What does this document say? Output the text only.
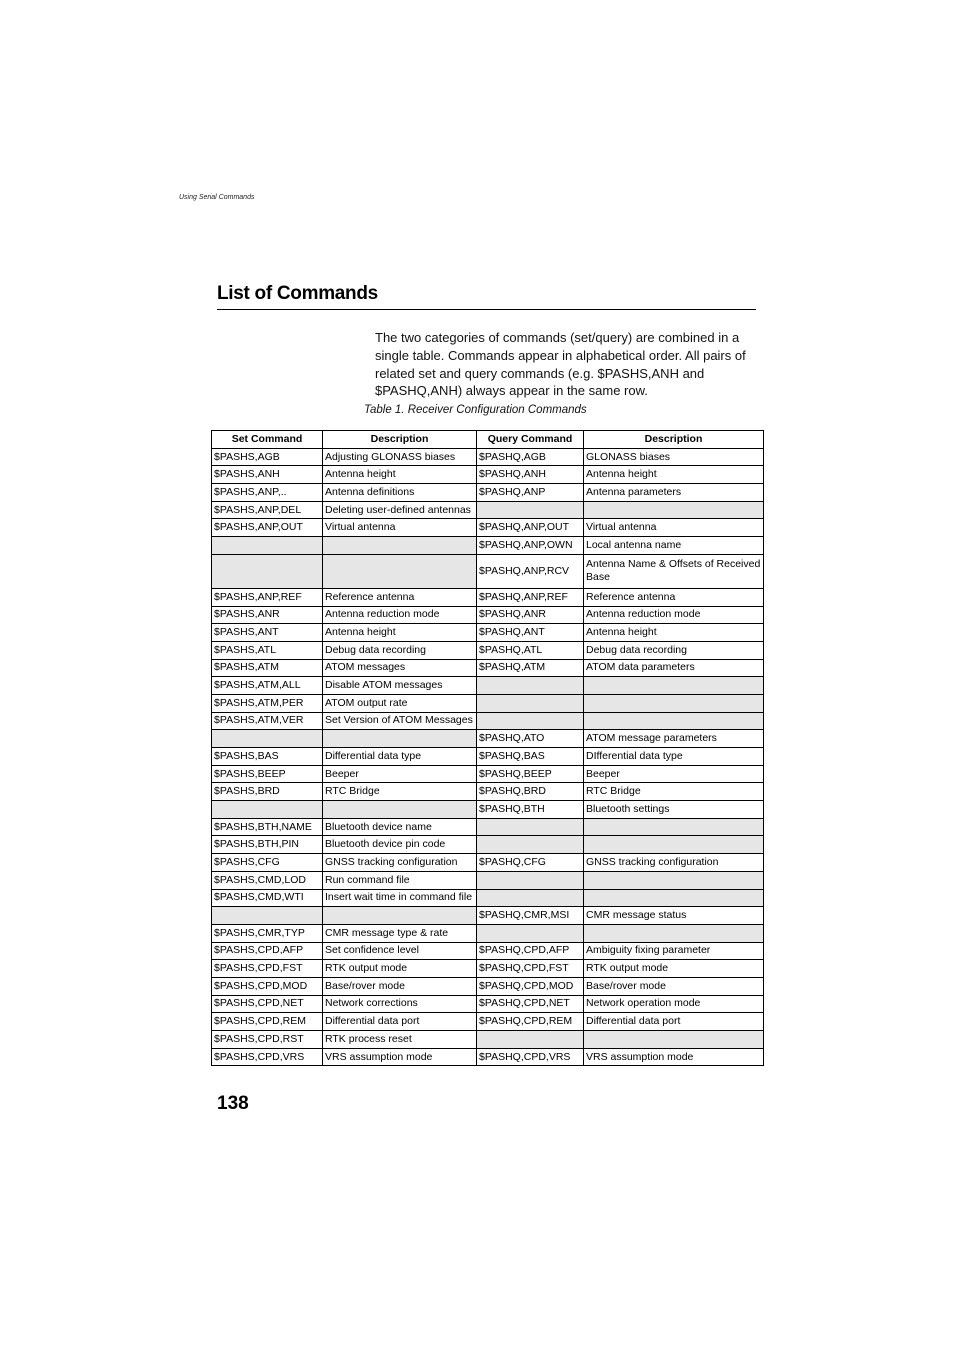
Using Serial Commands
List of Commands
The two categories of commands (set/query) are combined in a single table. Commands appear in alphabetical order. All pairs of related set and query commands (e.g. $PASHS,ANH and $PASHQ,ANH) always appear in the same row.
Table 1. Receiver Configuration Commands
Set Command	Description	Query Command	Description
$PASHS,AGB	Adjusting GLONASS biases	$PASHQ,AGB	GLONASS biases
$PASHS,ANH	Antenna height	$PASHQ,ANH	Antenna height
$PASHS,ANP,..	Antenna definitions	$PASHQ,ANP	Antenna parameters
$PASHS,ANP,DEL	Deleting user-defined antennas		
$PASHS,ANP,OUT	Virtual antenna	$PASHQ,ANP,OUT	Virtual antenna
		$PASHQ,ANP,OWN	Local antenna name
		$PASHQ,ANP,RCV	Antenna Name & Offsets of Received Base
$PASHS,ANP,REF	Reference antenna	$PASHQ,ANP,REF	Reference antenna
$PASHS,ANR	Antenna reduction mode	$PASHQ,ANR	Antenna reduction mode
$PASHS,ANT	Antenna height	$PASHQ,ANT	Antenna height
$PASHS,ATL	Debug data recording	$PASHQ,ATL	Debug data recording
$PASHS,ATM	ATOM messages	$PASHQ,ATM	ATOM data parameters
$PASHS,ATM,ALL	Disable ATOM messages		
$PASHS,ATM,PER	ATOM output rate		
$PASHS,ATM,VER	Set Version of ATOM Messages		
		$PASHQ,ATO	ATOM message parameters
$PASHS,BAS	Differential data type	$PASHQ,BAS	DIfferential data type
$PASHS,BEEP	Beeper	$PASHQ,BEEP	Beeper
$PASHS,BRD	RTC Bridge	$PASHQ,BRD	RTC Bridge
		$PASHQ,BTH	Bluetooth settings
$PASHS,BTH,NAME	Bluetooth device name		
$PASHS,BTH,PIN	Bluetooth device pin code		
$PASHS,CFG	GNSS tracking configuration	$PASHQ,CFG	GNSS tracking configuration
$PASHS,CMD,LOD	Run command file		
$PASHS,CMD,WTI	Insert wait time in command file		
		$PASHQ,CMR,MSI	CMR message status
$PASHS,CMR,TYP	CMR message type & rate		
$PASHS,CPD,AFP	Set confidence level	$PASHQ,CPD,AFP	Ambiguity fixing parameter
$PASHS,CPD,FST	RTK output mode	$PASHQ,CPD,FST	RTK output mode
$PASHS,CPD,MOD	Base/rover mode	$PASHQ,CPD,MOD	Base/rover mode
$PASHS,CPD,NET	Network corrections	$PASHQ,CPD,NET	Network operation mode
$PASHS,CPD,REM	Differential data port	$PASHQ,CPD,REM	Differential data port
$PASHS,CPD,RST	RTK process reset		
$PASHS,CPD,VRS	VRS assumption mode	$PASHQ,CPD,VRS	VRS assumption mode
138
